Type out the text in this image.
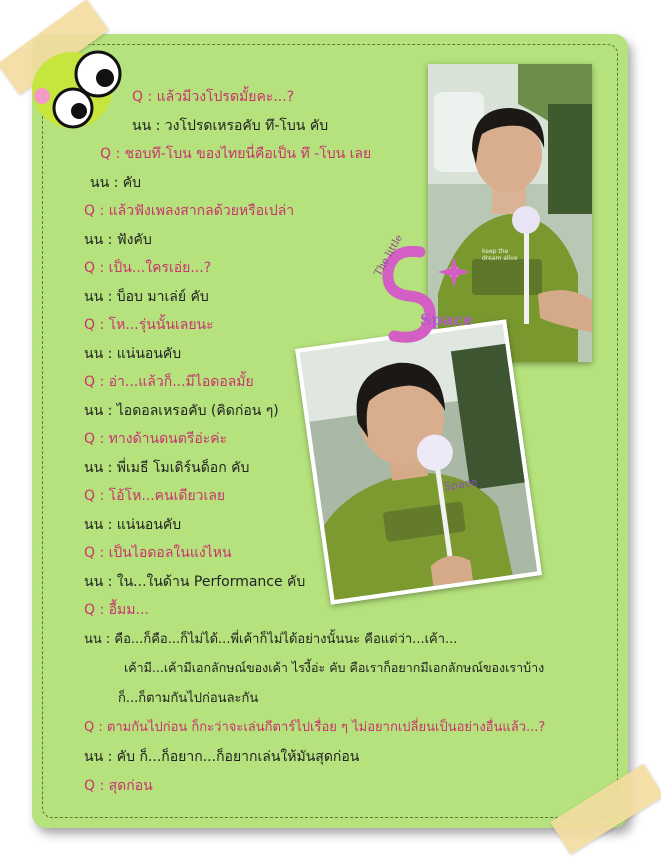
Q : แล้วมีวงโปรดมั้ยคะ...?
นน : วงโปรดเหรอคับ ทึ-โบน คับ
Q : ชอบทึ-โบน ของไทยนี่คือเป็น ทึ -โบน เลย
นน : คับ
Q : แล้วฟังเพลงสากลด้วยหรือเปล่า
นน : ฟังคับ
Q : เป็น...ใครเอ่ย...?
นน : บ็อบ มาเล่ย์ คับ
Q : โห...รุ่นนั้นเลยนะ
นน : แน่นอนคับ
Q : อ่า...แล้วก็...มีไอดอลมั้ย
นน : ไอดอลเหรอคับ (คิดก่อน ๆ)
Q : ทางด้านดนตรีอ่ะค่ะ
นน : พี่เมธี โมเดิร์นด็อก คับ
Q : โอ้โห...คนเดียวเลย
นน : แน่นอนคับ
Q : เป็นไอดอลในแง่ไหน
นน : ใน...ในด้าน Performance คับ
Q : อื้มม...
นน : คือ...ก็คือ...ก็ไม่ได้...พี่เค้าก็ไม่ได้อย่างนั้นนะ คือแต่ว่า...เค้า...
เค้ามี...เค้ามีเอกลักษณ์ของเค้า ไรงี้อ่ะ คับ คือเราก็อยากมีเอกลักษณ์ของเราบ้าง
ก็...ก็ตามกันไปก่อนละกัน
Q : ตามกันไปก่อน ก็กะว่าจะเล่นกีตาร์ไปเรื่อย ๆ ไม่อยากเปลี่ยนเป็นอย่างอื่นแล้ว...?
นน : คับ ก็...ก็อยาก...ก็อยากเล่นให้มันสุดก่อน
Q : สุดก่อน
Space
keep the dream alive
The little
Space
